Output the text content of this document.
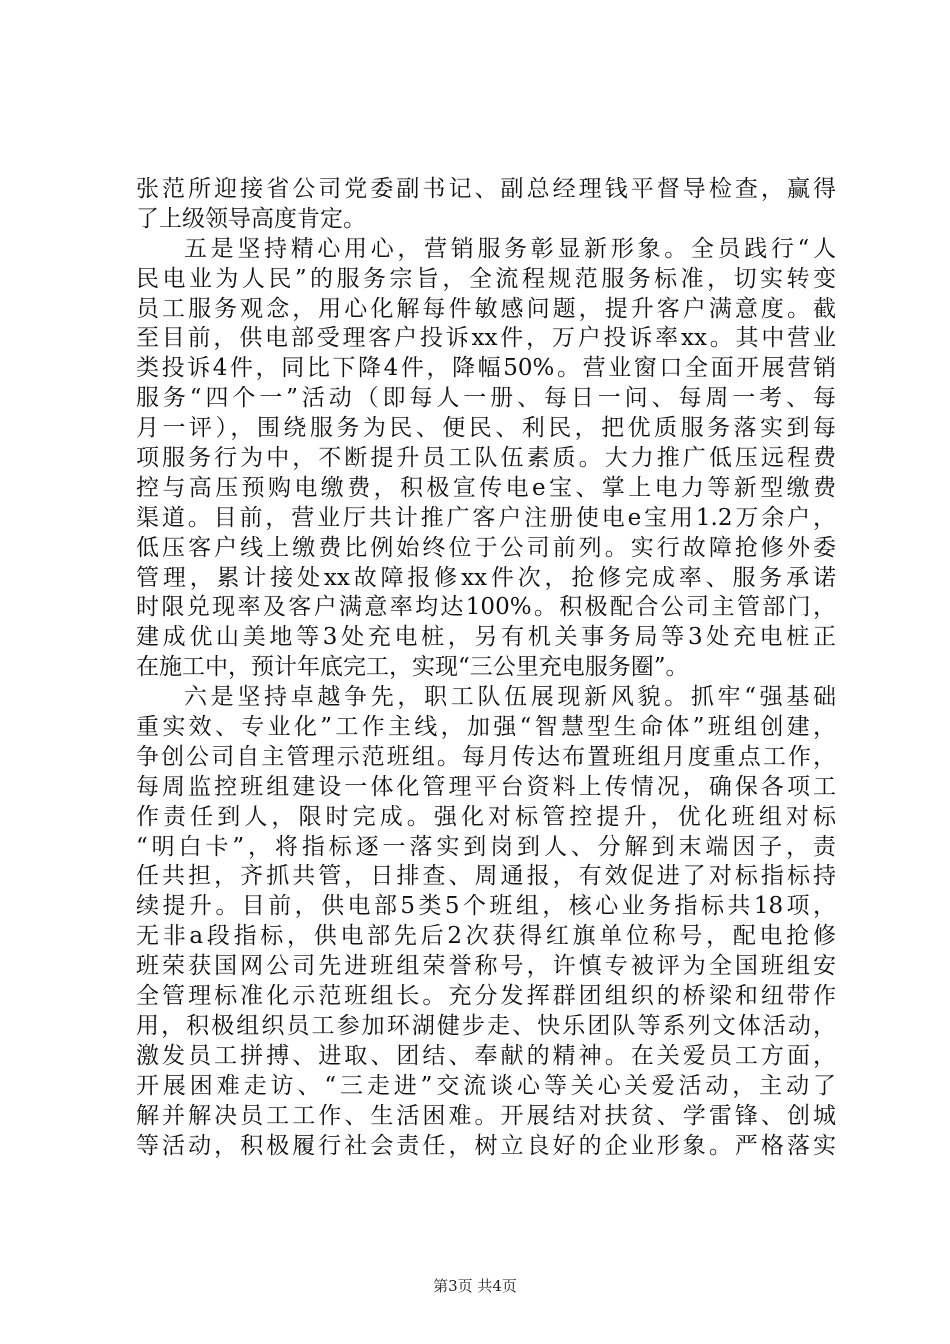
张范所迎接省公司党委副书记、副总经理钱平督导检查，赢得
了上级领导高度肯定。
五是坚持精心用心，营销服务彰显新形象。全员践行“人
民电业为人民”的服务宗旨，全流程规范服务标准，切实转变
员工服务观念，用心化解每件敏感问题，提升客户满意度。截
至目前，供电部受理客户投诉xx件，万户投诉率xx。其中营业
类投诉4件，同比下降4件，降幅50%。营业窗口全面开展营销
服务“四个一”活动（即每人一册、每日一问、每周一考、每
月一评），围绕服务为民、便民、利民，把优质服务落实到每
项服务行为中，不断提升员工队伍素质。大力推广低压远程费
控与高压预购电缴费，积极宣传电e宝、掌上电力等新型缴费
渠道。目前，营业厅共计推广客户注册使电e宝用1.2万余户，
低压客户线上缴费比例始终位于公司前列。实行故障抢修外委
管理，累计接处xx故障报修xx件次，抢修完成率、服务承诺
时限兑现率及客户满意率均达100%。积极配合公司主管部门，
建成优山美地等3处充电桩，另有机关事务局等3处充电桩正
在施工中，预计年底完工，实现“三公里充电服务圈”。
六是坚持卓越争先，职工队伍展现新风貌。抓牢“强基础
重实效、专业化”工作主线，加强“智慧型生命体”班组创建，
争创公司自主管理示范班组。每月传达布置班组月度重点工作，
每周监控班组建设一体化管理平台资料上传情况，确保各项工
作责任到人，限时完成。强化对标管控提升，优化班组对标
“明白卡”，将指标逐一落实到岗到人、分解到末端因子，责
任共担，齐抓共管，日排查、周通报，有效促进了对标指标持
续提升。目前，供电部5类5个班组，核心业务指标共18项，
无非a段指标，供电部先后2次获得红旗单位称号，配电抢修
班荣获国网公司先进班组荣誉称号，许慎专被评为全国班组安
全管理标准化示范班组长。充分发挥群团组织的桥梁和纽带作
用，积极组织员工参加环湖健步走、快乐团队等系列文体活动，
激发员工拼搏、进取、团结、奉献的精神。在关爱员工方面，
开展困难走访、“三走进”交流谈心等关心关爱活动，主动了
解并解决员工工作、生活困难。开展结对扶贫、学雷锋、创城
等活动，积极履行社会责任，树立良好的企业形象。严格落实
第3页 共4页
